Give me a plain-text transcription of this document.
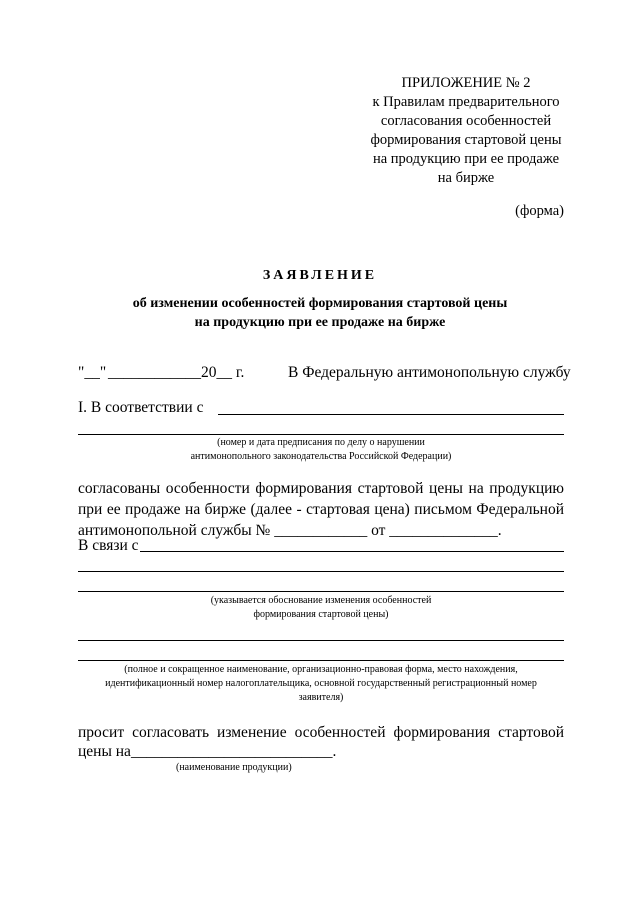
ПРИЛОЖЕНИЕ № 2
к Правилам предварительного
согласования особенностей
формирования стартовой цены
на продукцию при ее продаже
на бирже
(форма)
ЗАЯВЛЕНИЕ
об изменении особенностей формирования стартовой цены
на продукцию при ее продаже на бирже
"__" ____________ 20__ г.	В Федеральную антимонопольную службу
I. В соответствии с
(номер и дата предписания по делу о нарушении
антимонопольного законодательства Российской Федерации)
согласованы особенности формирования стартовой цены на продукцию
при ее продаже на бирже (далее - стартовая цена) письмом Федеральной
антимонопольной службы № ____________ от ______________.
В связи с
(указывается обоснование изменения особенностей
формирования стартовой цены)
(полное и сокращенное наименование, организационно-правовая форма, место нахождения,
идентификационный номер налогоплательщика, основной государственный регистрационный номер
заявителя)
просит согласовать изменение особенностей формирования стартовой
цены на __________________________.
(наименование продукции)
